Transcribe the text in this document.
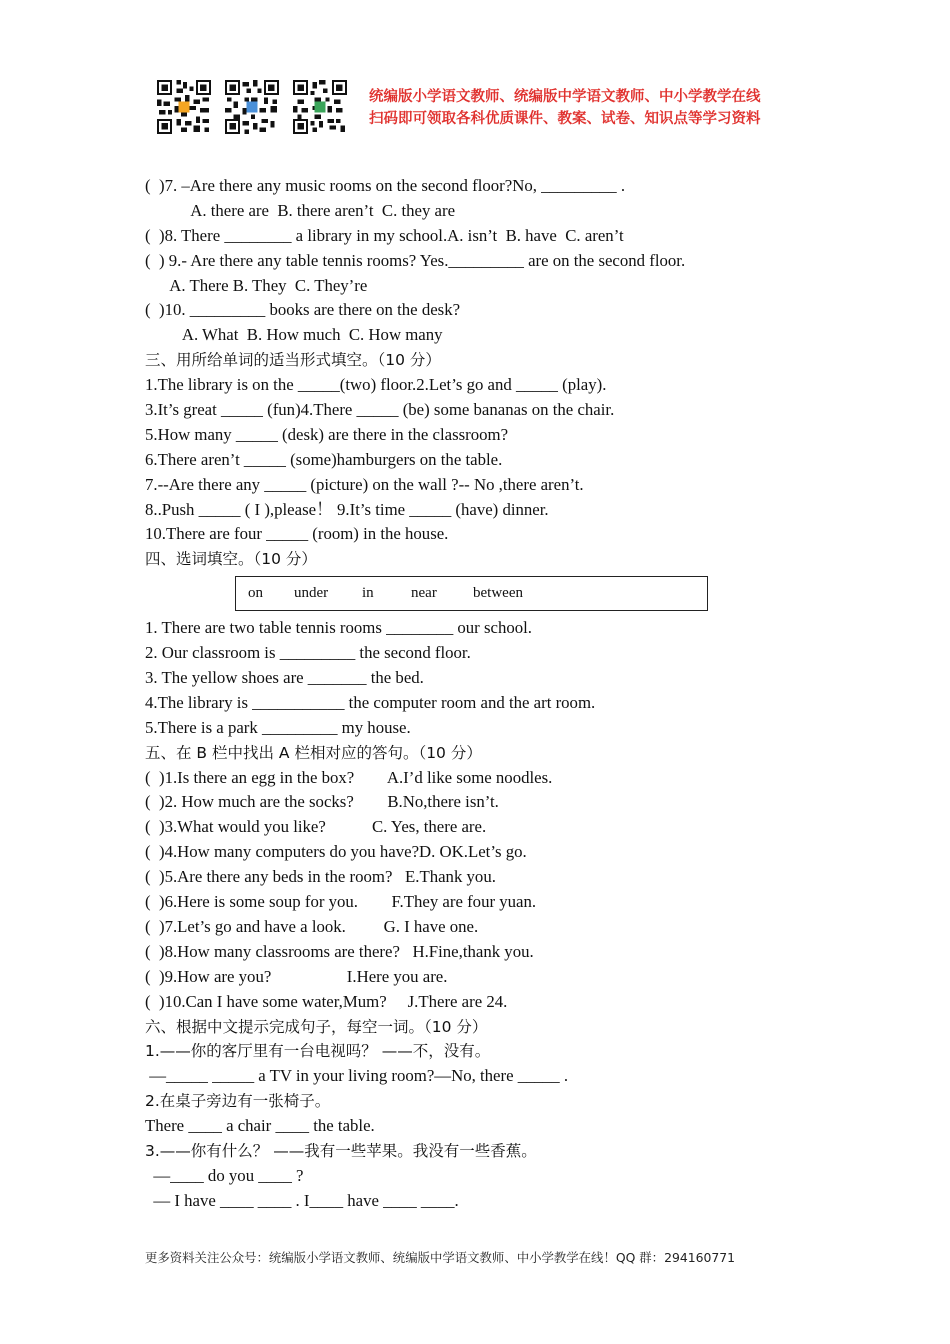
统编版小学语文教师、统编版中学语文教师、中小学教学在线
扫码即可领取各科优质课件、教案、试卷、知识点等学习资料
(  )7. –Are there any music rooms on the second floor?No, _________ .
A. there are  B. there aren’t  C. they are
(  )8. There ________ a library in my school.A. isn’t  B. have  C. aren’t
(  ) 9.- Are there any table tennis rooms? Yes._________ are on the second floor.
A. There B. They  C. They’re
(  )10. _________ books are there on the desk?
A. What  B. How much  C. How many
三、用所给单词的适当形式填空。（10 分）
1.The library is on the _____(two) floor.2.Let’s go and _____ (play).
3.It’s great _____ (fun)4.There _____ (be) some bananas on the chair.
5.How many _____ (desk) are there in the classroom?
6.There aren’t _____ (some)hamburgers on the table.
7.--Are there any _____ (picture) on the wall ?-- No ,there aren’t.
8..Push _____ ( I ),please！ 9.It’s time _____ (have) dinner.
10.There are four _____ (room) in the house.
四、选词填空。（10 分）
on	under	in	near	between
1. There are two table tennis rooms ________ our school.
2. Our classroom is _________ the second floor.
3. The yellow shoes are _______ the bed.
4.The library is ___________ the computer room and the art room.
5.There is a park _________ my house.
五、在 B 栏中找出 A 栏相对应的答句。（10 分）
(  )1.Is there an egg in the box?        A.I’d like some noodles.
(  )2. How much are the socks?        B.No,there isn’t.
(  )3.What would you like?           C. Yes, there are.
(  )4.How many computers do you have?D. OK.Let’s go.
(  )5.Are there any beds in the room?   E.Thank you.
(  )6.Here is some soup for you.        F.They are four yuan.
(  )7.Let’s go and have a look.         G. I have one.
(  )8.How many classrooms are there?   H.Fine,thank you.
(  )9.How are you?                  I.Here you are.
(  )10.Can I have some water,Mum?     J.There are 24.
六、根据中文提示完成句子，每空一词。（10 分）
1.——你的客厅里有一台电视吗？ ——不，没有。
—_____ _____ a TV in your living room?—No, there _____ .
2.在桌子旁边有一张椅子。
There ____ a chair ____ the table.
3.——你有什么？ ——我有一些苹果。我没有一些香蕉。
—____ do you ____ ?
— I have ____ ____ . I____ have ____ ____.
更多资料关注公众号：统编版小学语文教师、统编版中学语文教师、中小学教学在线！QQ 群：294160771
